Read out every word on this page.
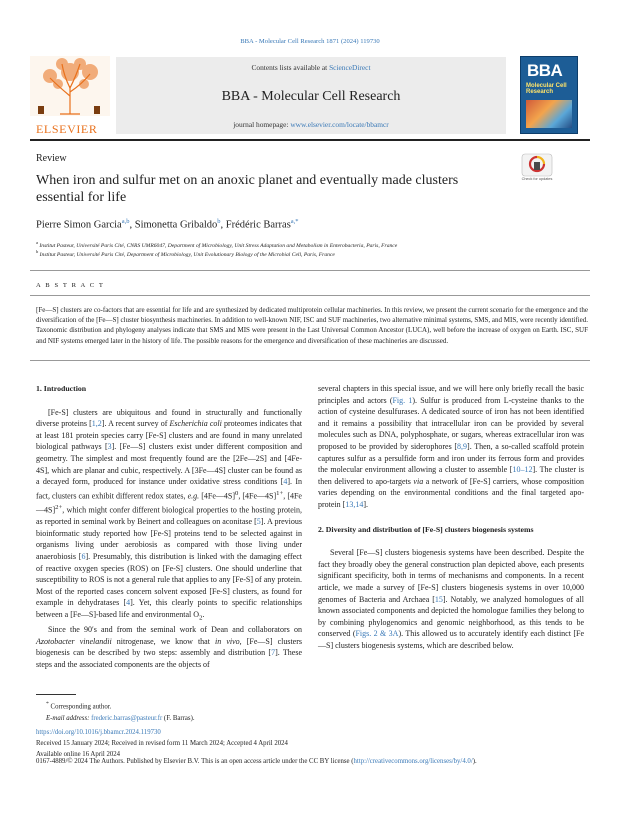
BBA - Molecular Cell Research 1871 (2024) 119730
ELSEVIER
Contents lists available at ScienceDirect
BBA - Molecular Cell Research
journal homepage: www.elsevier.com/locate/bbamcr
BBA
Molecular Cell Research
Review
When iron and sulfur met on an anoxic planet and eventually made clusters essential for life
Check for updates
Pierre Simon Garcia$^{a,b}$, Simonetta Gribaldo$^b$, Frédéric Barras$^{a,*}$
$^a$ Institut Pasteur, Université Paris Cité, CNRS UMR6047, Department of Microbiology, Unit Stress Adaptation and Metabolism in Enterobacteria, Paris, France
$^b$ Institut Pasteur, Université Paris Cité, Department of Microbiology, Unit Evolutionary Biology of the Microbial Cell, Paris, France
A B S T R A C T
[Fe—S] clusters are co-factors that are essential for life and are synthesized by dedicated multiprotein cellular machineries. In this review, we present the current scenario for the emergence and the diversification of the [Fe—S] cluster biosynthesis machineries. In addition to well-known NIF, ISC and SUF machineries, two alternative minimal systems, SMS, and MIS, were recently identified. Taxonomic distribution and phylogeny analyses indicate that SMS and MIS were present in the Last Universal Common Ancestor (LUCA), well before the increase of oxygen on Earth. ISC, SUF and NIF systems emerged later in the history of life. The possible reasons for the emergence and diversification of these machineries are discussed.
1. Introduction

[Fe-S] clusters are ubiquitous and found in structurally and functionally diverse proteins [1,2]. A recent survey of Escherichia coli proteomes indicates that at least 181 protein species carry [Fe-S] clusters and are found in many unrelated biological pathways [3]. [Fe—S] clusters exist under different composition and geometry. The simplest and most frequently found are the [2Fe—2S] and [4Fe-4S], which are planar and cubic, respectively. A [3Fe—4S] cluster can be found as a decayed form, produced for instance under oxidative stress conditions [4]. In fact, clusters can exhibit different redox states, e.g. [4Fe—4S]$^0$, [4Fe—4S]$^{1+}$, [4Fe—4S]$^{2+}$, which might confer different biological properties to the hosting protein, as reported in seminal work by Beinert and colleagues on aconitase [5]. A previous bioinformatic study reported how [Fe-S] proteins tend to be selected against in organisms living under aerobiosis as compared with those living under anaerobiosis [6]. Presumably, this distribution is linked with the damaging effect of reactive oxygen species (ROS) on [Fe-S] clusters. One should underline that susceptibility to ROS is not a general rule that applies to any [Fe-S] of any protein. Most of the reported cases concern solvent exposed [Fe-S] clusters, as found for example in dehydratases [4]. Yet, this clearly points to specific relationships between a [Fe—S]-based life and environmental $O_2$.

Since the 90′s and from the seminal work of Dean and collaborators on Azotobacter vinelandii nitrogenase, we know that in vivo, [Fe—S] clusters biogenesis can be described by two steps: assembly and distribution [7]. These steps and the associated components are the objects of

several chapters in this special issue, and we will here only briefly recall the basic principles and actors (Fig. 1). Sulfur is produced from L-cysteine thanks to the action of cysteine desulfurases. A dedicated source of iron has not been identified and it remains a possibility that intracellular iron can be provided by several molecules such as DNA, polyphosphate, or sugars, whereas extracellular iron was proposed to be provided by siderophores [8,9]. Then, a so-called scaffold protein captures sulfur as a persulfide form and iron under its ferrous form and provides the molecular environment allowing a cluster to assemble [10–12]. The cluster is then delivered to apo-targets via a network of [Fe-S] carriers, whose composition varies depending on the environmental conditions and the final targeted apo-protein [13,14].

2. Diversity and distribution of [Fe-S] clusters biogenesis systems

Several [Fe—S] clusters biogenesis systems have been described. Despite the fact they broadly obey the general construction plan depicted above, each presents significant specificity, both in terms of mechanisms and components. In a recent article, we made a survey of [Fe-S] clusters biogenesis systems in over 10,000 genomes of Bacteria and Archaea [15]. Notably, we analyzed homologues of all known associated components and depicted the homologue families they belong to by combining phylogenomics and genomic neighborhood, as this tends to be conserved (Figs. 2 & 3A). This allowed us to accurately identify each distinct [Fe—S] clusters biogenesis systems, which are described below.

* Corresponding author.
E-mail address: frederic.barras@pasteur.fr (F. Barras).
https://doi.org/10.1016/j.bbamcr.2024.119730
Received 15 January 2024; Received in revised form 11 March 2024; Accepted 4 April 2024
Available online 16 April 2024
0167-4889/© 2024 The Authors. Published by Elsevier B.V. This is an open access article under the CC BY license (http://creativecommons.org/licenses/by/4.0/).
